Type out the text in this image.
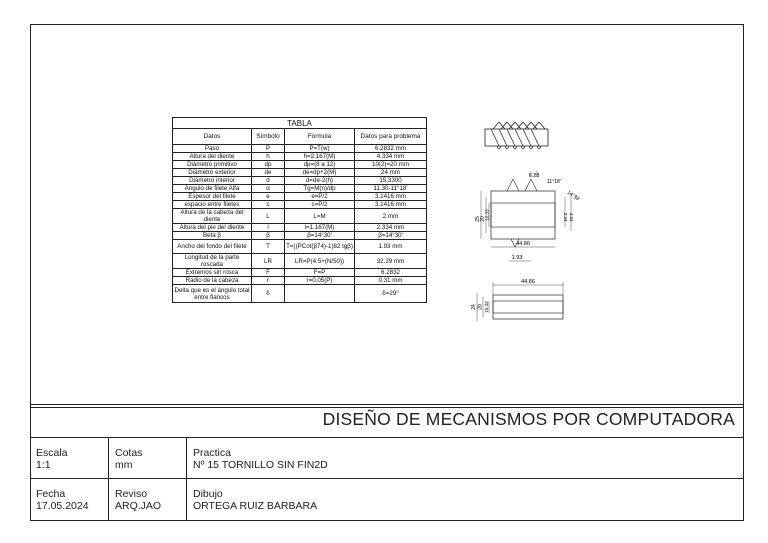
TABLA			
Datos	Símbolo	Fórmula	Datos para problema
Paso	P	P=T(w)	6.2832 mm
Altura del diente	h	h=2.167(M)	4.334 mm
Diámetro primitivo	dp	dp=(8 a 12)	10(2)=20 mm
Diámetro exterior	de	de=dp+2(M)	24 mm
Diámetro interior	d	d=de-2(h)	15,3300
Ángulo de filete Alfa	α	Tg=M(n)/dp	11.30-11°18'
Espesor del filete	e	e=P/2	3.1416 mm
espacio entre filetes	c	c=P/2	3.1416 mm
Altura de la cabeza del diente	L	L=M	2 mm
Altura del pie del diente	l	l=1.167(M)	2.334 mm
Beta β	β	β=14°30'	β=14°30'
Ancho del fondo del filete	T	T=((PCot(β74)-1)82 tgβ)	1.93 mm
Longitud de la parte roscada	LR	LR=P(4.5+(N/50))	32.29 mm
Extremos sin rosca	F	F=P	6.2832
Radio de la cabeza	r	r=0.05(P)	0.31 mm
Delta que es el ángulo total entre flancos	δ		δ=29°
6.28
11°18'
14°30'
25 20
15.33	2.34 4.34
44.86
1.93
44.86
24 20 15.33
DISEÑO DE MECANISMOS POR COMPUTADORA
Escala
1:1
Cotas
mm
Practica
Nº 15 TORNILLO SIN FIN2D
Fecha
17.05.2024
Reviso
ARQ.JAO
Dibujo
ORTEGA RUIZ BARBARA
